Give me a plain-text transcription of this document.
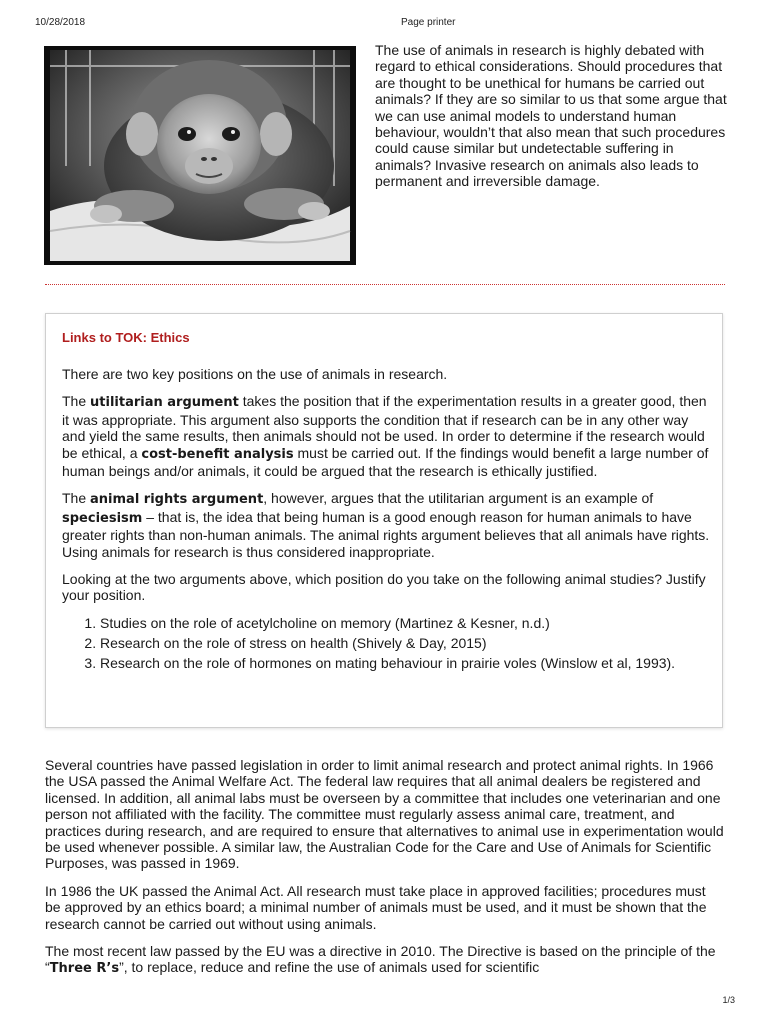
10/28/2018	Page printer
The use of animals in research is highly debated with regard to ethical considerations. Should procedures that are thought to be unethical for humans be carried out animals? If they are so similar to us that some argue that we can use animal models to understand human behaviour, wouldn’t that also mean that such procedures could cause similar but undetectable suffering in animals? Invasive research on animals also leads to permanent and irreversible damage.
Links to TOK: Ethics

There are two key positions on the use of animals in research.

The utilitarian argument takes the position that if the experimentation results in a greater good, then it was appropriate. This argument also supports the condition that if research can be in any other way and yield the same results, then animals should not be used. In order to determine if the research would be ethical, a cost-benefit analysis must be carried out. If the findings would benefit a large number of human beings and/or animals, it could be argued that the research is ethically justified.

The animal rights argument, however, argues that the utilitarian argument is an example of speciesism – that is, the idea that being human is a good enough reason for human animals to have greater rights than non-human animals. The animal rights argument believes that all animals have rights. Using animals for research is thus considered inappropriate.

Looking at the two arguments above, which position do you take on the following animal studies? Justify your position.

1. Studies on the role of acetylcholine on memory (Martinez & Kesner, n.d.)
2. Research on the role of stress on health (Shively & Day, 2015)
3. Research on the role of hormones on mating behaviour in prairie voles (Winslow et al, 1993).

Several countries have passed legislation in order to limit animal research and protect animal rights. In 1966 the USA passed the Animal Welfare Act. The federal law requires that all animal dealers be registered and licensed. In addition, all animal labs must be overseen by a committee that includes one veterinarian and one person not affiliated with the facility. The committee must regularly assess animal care, treatment, and practices during research, and are required to ensure that alternatives to animal use in experimentation would be used whenever possible. A similar law, the Australian Code for the Care and Use of Animals for Scientific Purposes, was passed in 1969.

In 1986 the UK passed the Animal Act. All research must take place in approved facilities; procedures must be approved by an ethics board; a minimal number of animals must be used, and it must be shown that the research cannot be carried out without using animals.

The most recent law passed by the EU was a directive in 2010. The Directive is based on the principle of the “Three R’s”, to replace, reduce and refine the use of animals used for scientific

1/3
